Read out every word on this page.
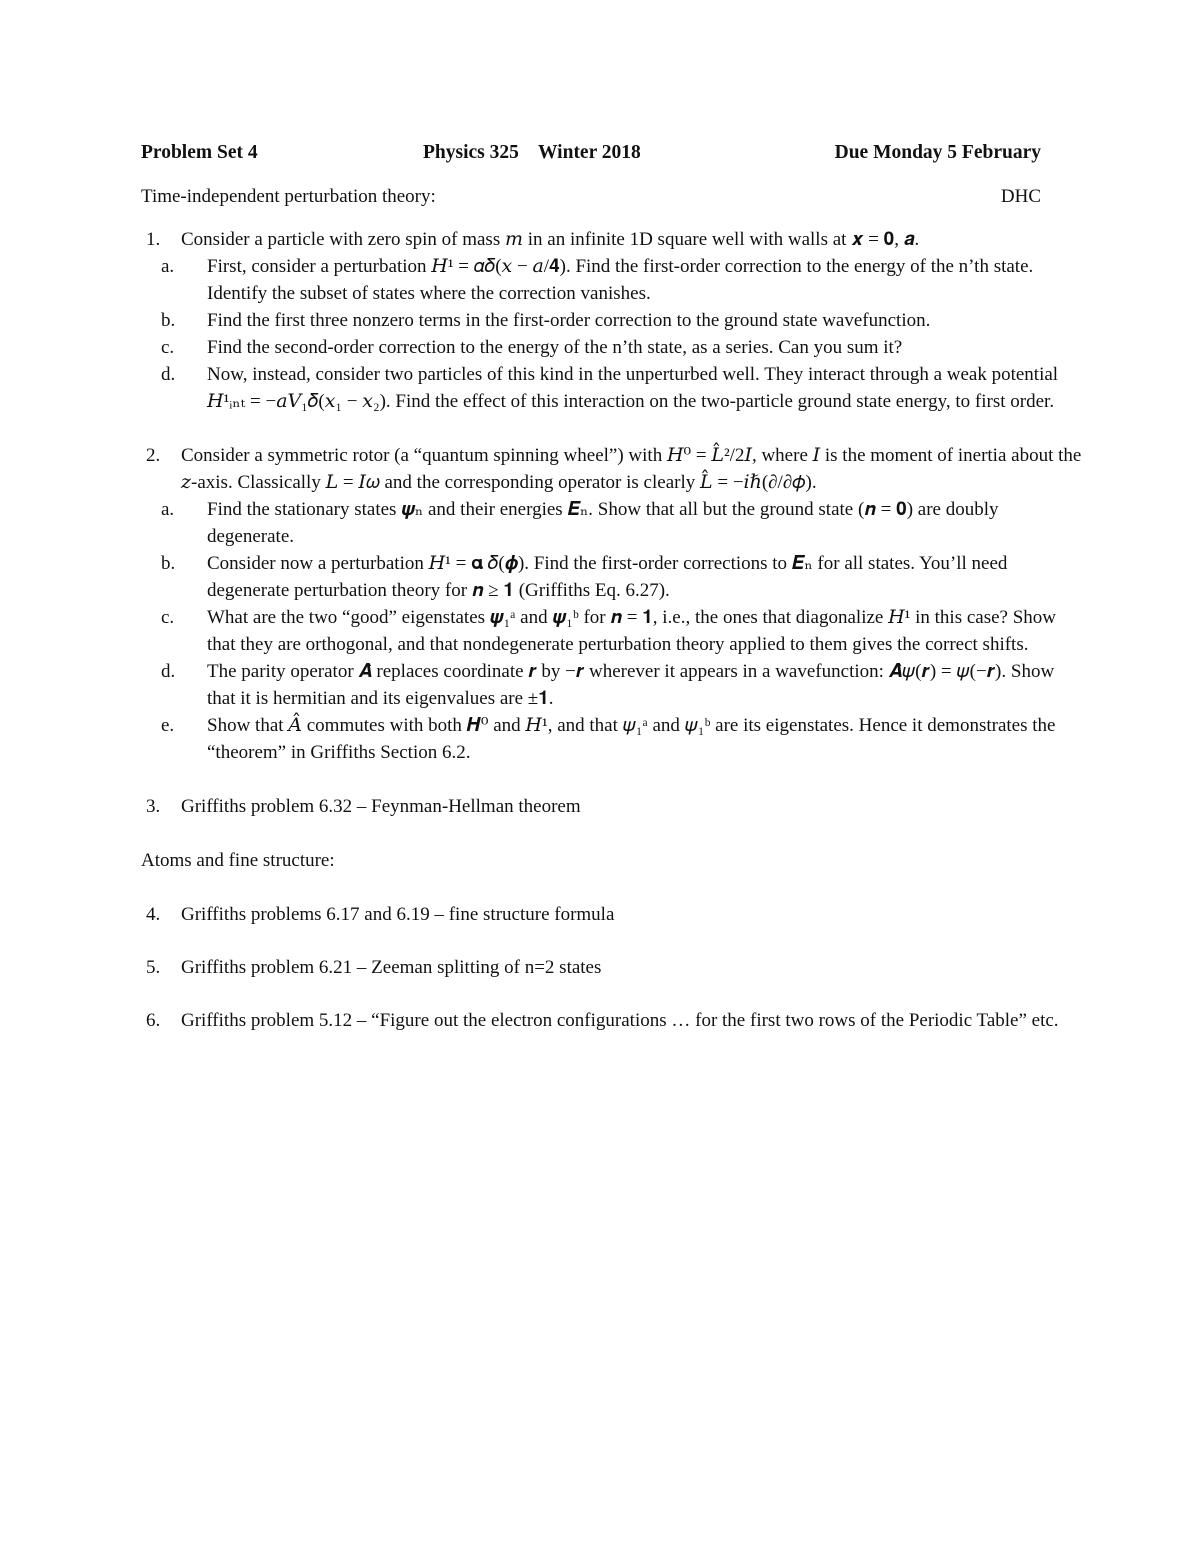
Problem Set 4	Physics 325    Winter 2018	Due Monday 5 February
Time-independent perturbation theory:	DHC
1. Consider a particle with zero spin of mass 𝑚 in an infinite 1D square well with walls at 𝒙 = 𝟎, 𝒂.
a.	First, consider a perturbation 𝐻¹ = 𝛼𝛿(𝑥 − 𝑎/𝟒). Find the first-order correction to the energy of the n’th state. Identify the subset of states where the correction vanishes.
b.	Find the first three nonzero terms in the first-order correction to the ground state wavefunction.
c.	Find the second-order correction to the energy of the n’th state, as a series. Can you sum it?
d.	Now, instead, consider two particles of this kind in the unperturbed well. They interact through a weak potential 𝐻¹ᵢₙₜ = −𝑎𝑉₁𝛿(𝑥₁ − 𝑥₂). Find the effect of this interaction on the two-particle ground state energy, to first order.
2. Consider a symmetric rotor (a “quantum spinning wheel”) with 𝐻⁰ = 𝐿̂²/2𝐼, where 𝐼 is the moment of inertia about the 𝑧-axis. Classically 𝐿 = 𝐼𝜔 and the corresponding operator is clearly 𝐿̂ = −𝑖ℏ(∂/∂𝜙).
a.	Find the stationary states 𝝍ₙ and their energies 𝑬ₙ. Show that all but the ground state (𝒏 = 𝟎) are doubly degenerate.
b.	Consider now a perturbation 𝐻¹ = 𝛂 𝛿(𝝓). Find the first-order corrections to 𝑬ₙ for all states. You’ll need degenerate perturbation theory for 𝒏 ≥ 𝟏 (Griffiths Eq. 6.27).
c.	What are the two “good” eigenstates 𝝍₁ᵃ and 𝝍₁ᵇ for 𝒏 = 𝟏, i.e., the ones that diagonalize 𝐻¹ in this case? Show that they are orthogonal, and that nondegenerate perturbation theory applied to them gives the correct shifts.
d.	The parity operator 𝑨̂ replaces coordinate 𝒓 by −𝒓 wherever it appears in a wavefunction: 𝑨̂𝜓(𝒓) = 𝜓(−𝒓). Show that it is hermitian and its eigenvalues are ±𝟏.
e.	Show that 𝐴̂ commutes with both 𝑯⁰ and 𝐻¹, and that 𝜓₁ᵃ and 𝜓₁ᵇ are its eigenstates. Hence it demonstrates the “theorem” in Griffiths Section 6.2.
3. Griffiths problem 6.32 – Feynman-Hellman theorem
Atoms and fine structure:
4. Griffiths problems 6.17 and 6.19 – fine structure formula
5. Griffiths problem 6.21 – Zeeman splitting of n=2 states
6. Griffiths problem 5.12 – “Figure out the electron configurations … for the first two rows of the Periodic Table” etc.
